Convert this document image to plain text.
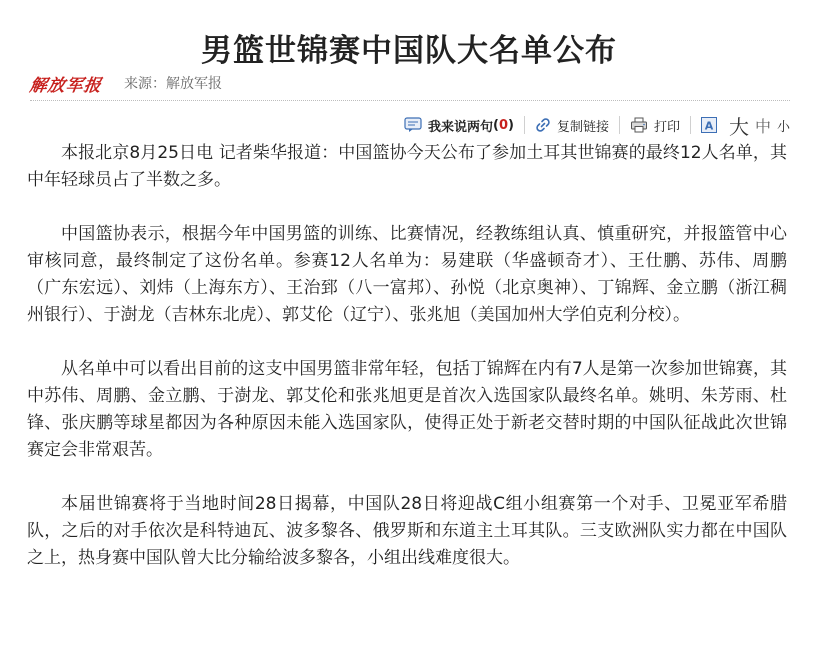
男篮世锦赛中国队大名单公布
解放军报 来源：解放军报
我来说两句 ( 0 )	复制链接	打印 A 大 中 小

本报北京8月25日电 记者柴华报道：中国篮协今天公布了参加土耳其世锦赛的最终12人名单，其中年轻球员占了半数之多。

中国篮协表示，根据今年中国男篮的训练、比赛情况，经教练组认真、慎重研究，并报篮管中心审核同意，最终制定了这份名单。参赛12人名单为：易建联（华盛顿奇才）、王仕鹏、苏伟、周鹏（广东宏远）、刘炜（上海东方）、王治郅（八一富邦）、孙悦（北京奥神）、丁锦辉、金立鹏（浙江稠州银行）、于澍龙（吉林东北虎）、郭艾伦（辽宁）、张兆旭（美国加州大学伯克利分校）。

从名单中可以看出目前的这支中国男篮非常年轻，包括丁锦辉在内有7人是第一次参加世锦赛，其中苏伟、周鹏、金立鹏、于澍龙、郭艾伦和张兆旭更是首次入选国家队最终名单。姚明、朱芳雨、杜锋、张庆鹏等球星都因为各种原因未能入选国家队，使得正处于新老交替时期的中国队征战此次世锦赛定会非常艰苦。

本届世锦赛将于当地时间28日揭幕，中国队28日将迎战C组小组赛第一个对手、卫冕亚军希腊队，之后的对手依次是科特迪瓦、波多黎各、俄罗斯和东道主土耳其队。三支欧洲队实力都在中国队之上，热身赛中国队曾大比分输给波多黎各，小组出线难度很大。
